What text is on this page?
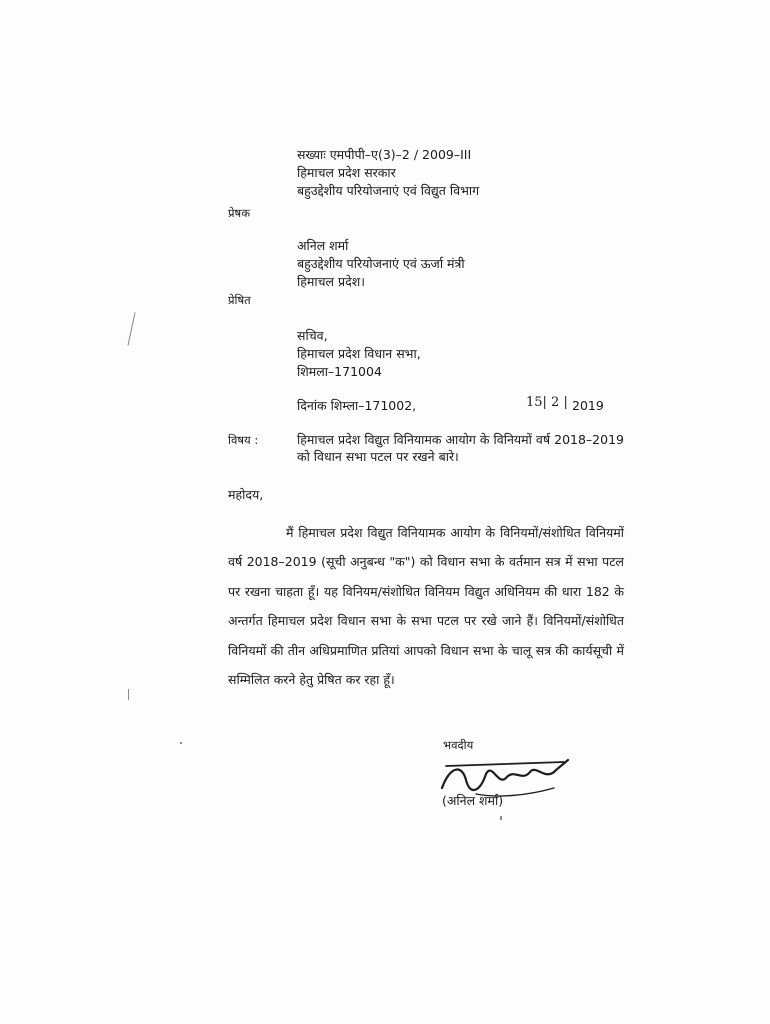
सख्याः एमपीपी–ए(3)–2 / 2009–III
हिमाचल प्रदेश सरकार
बहुउद्देशीय परियोजनाएं एवं विद्युत विभाग
प्रेषक
अनिल शर्मा
बहुउद्देशीय परियोजनाएं एवं ऊर्जा मंत्री
हिमाचल प्रदेश।
प्रेषित
सचिव,
हिमाचल प्रदेश विधान सभा,
शिमला–171004
दिनांक शिम्ला–171002,	15| 2 | 2019
विषय :	हिमाचल प्रदेश विद्युत विनियामक आयोग के विनियमों वर्ष 2018–2019 को विधान सभा पटल पर रखने बारे।
महोदय,
मैं हिमाचल प्रदेश विद्युत विनियामक आयोग के विनियमों/संशोधित विनियमों वर्ष 2018–2019 (सूची अनुबन्ध "क") को विधान सभा के वर्तमान सत्र में सभा पटल पर रखना चाहता हूँ। यह विनियम/संशोधित विनियम विद्युत अधिनियम की धारा 182 के अन्तर्गत हिमाचल प्रदेश विधान सभा के सभा पटल पर रखे जाने हैं। विनियमों/संशोधित विनियमों की तीन अधिप्रमाणित प्रतियां आपको विधान सभा के चालू सत्र की कार्यसूची में सम्मिलित करने हेतु प्रेषित कर रहा हूँ।
भवदीय
(अनिल शर्मा)
